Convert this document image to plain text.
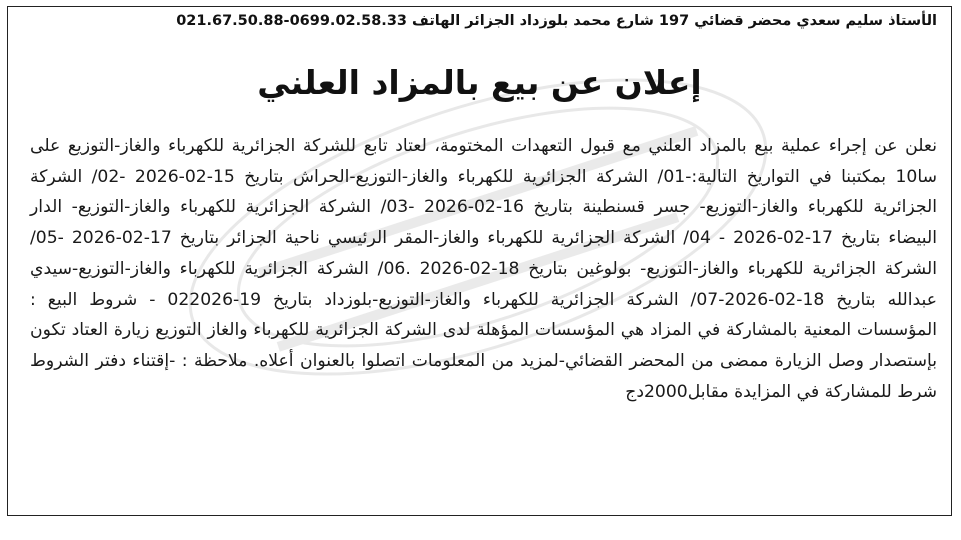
الأستاذ سليم سعدي محضر قضائي 197 شارع محمد بلوزداد الجزائر الهاتف 0699.02.58.33-021.67.50.88
إعلان عن بيع بالمزاد العلني
نعلن عن إجراء عملية بيع بالمزاد العلني مع قبول التعهدات المختومة، لعتاد تابع للشركة الجزائرية للكهرباء والغاز-التوزيع على سا10 بمكتبنا في التواريخ التالية:-01/ الشركة الجزائرية للكهرباء والغاز-التوزيع-الحراش بتاريخ 15-02-2026 -02/ الشركة الجزائرية للكهرباء والغاز-التوزيع- جسر قسنطينة بتاريخ 16-02-2026 -03/ الشركة الجزائرية للكهرباء والغاز-التوزيع- الدار البيضاء بتاريخ 17-02-2026 - 04/ الشركة الجزائرية للكهرباء والغاز-المقر الرئيسي ناحية الجزائر بتاريخ 17-02-2026 -05/الشركة الجزائرية للكهرباء والغاز-التوزيع- بولوغين بتاريخ 18-02-2026 .06/ الشركة الجزائرية للكهرباء والغاز-التوزيع-سيدي عبدالله بتاريخ 18-02-2026-07/ الشركة الجزائرية للكهرباء والغاز-التوزيع-بلوزداد بتاريخ 19-022026 - شروط البيع : المؤسسات المعنية بالمشاركة في المزاد هي المؤسسات المؤهلة لدى الشركة الجزائرية للكهرباء والغاز التوزيع زيارة العتاد تكون بإستصدار وصل الزيارة ممضى من المحضر القضائي-لمزيد من المعلومات اتصلوا بالعنوان أعلاه. ملاحظة : -إقتناء دفتر الشروط شرط للمشاركة في المزايدة مقابل2000دج
